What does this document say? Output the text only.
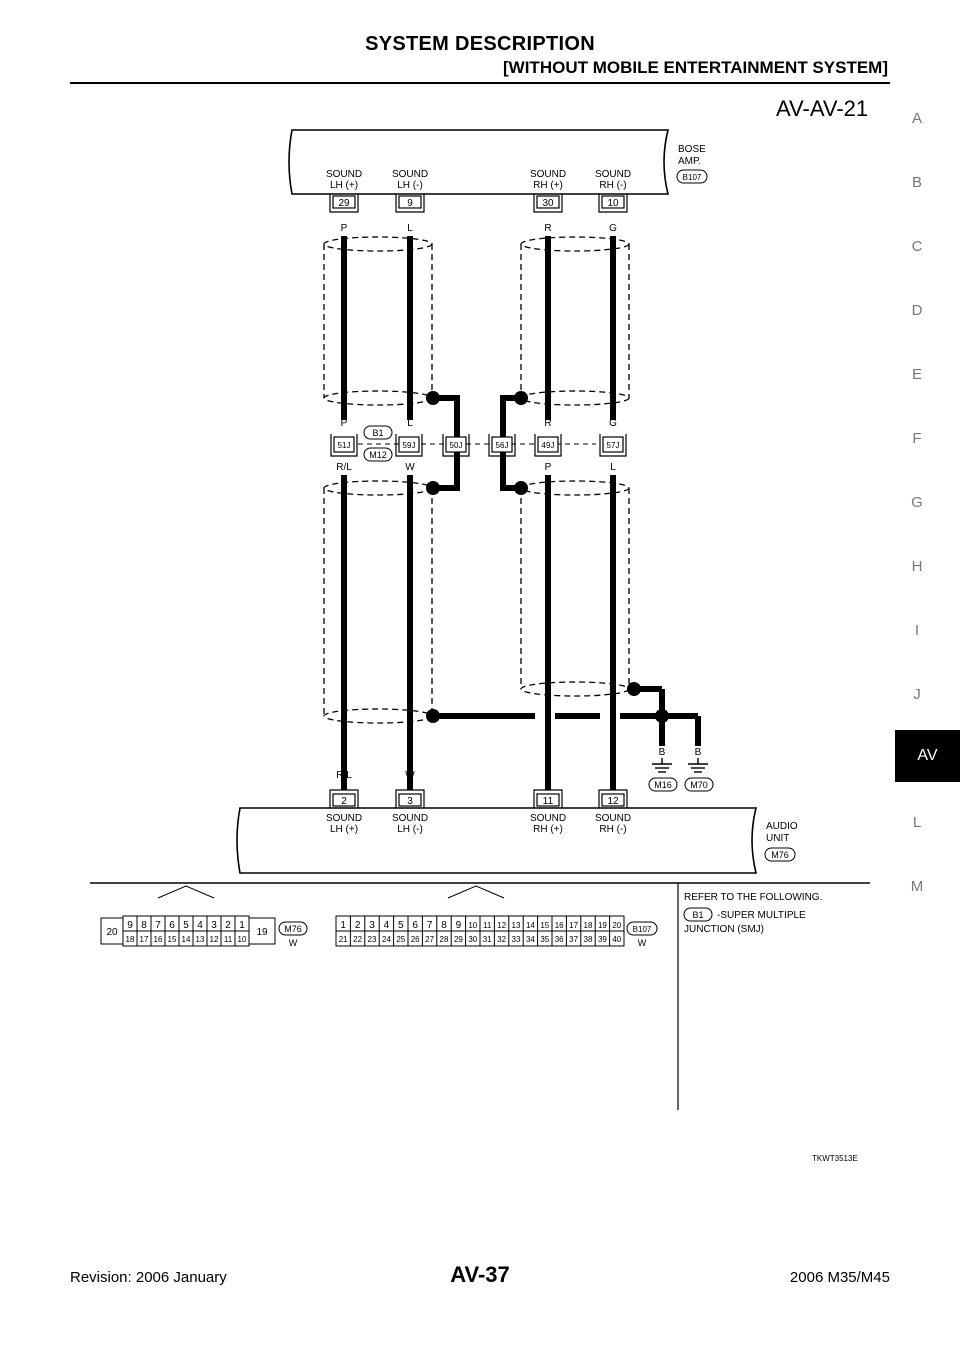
SYSTEM DESCRIPTION
[WITHOUT MOBILE ENTERTAINMENT SYSTEM]
AV-AV-21	A
B
C
D
E
F
G
H
I
J
AV
L
M
BOSE
AMP.
B107
SOUND
LH (+)
SOUND
LH (-)
SOUND
RH (+)
SOUND
RH (-)
29	9	30	10
P	L	R	G
P	L	R	G
51J	59J	50J	56J	49J	57J
B1
M12
R/L	W	P	L
B	B
M16 M70
R/L	W	P	L
2	3	11	12
SOUND
LH (+)
SOUND
LH (-)
SOUND
RH (+)
SOUND
RH (-)	AUDIO
UNIT
M76
20	19
9 8 7 6 5 4 3 2 1
18 17 16 15 14 13 12 11 10
M76
W
1 2 3 4 5 6 7 8 9 10 11 12 13 14 15 16 17 18 19 20
21 22 23 24 25 26 27 28 29 30 31 32 33 34 35 36 37 38 39 40
B107
W
REFER TO THE FOLLOWING.
B1 -SUPER MULTIPLE
JUNCTION (SMJ)
TKWT3513E
Revision: 2006 January	AV-37	2006 M35/M45
